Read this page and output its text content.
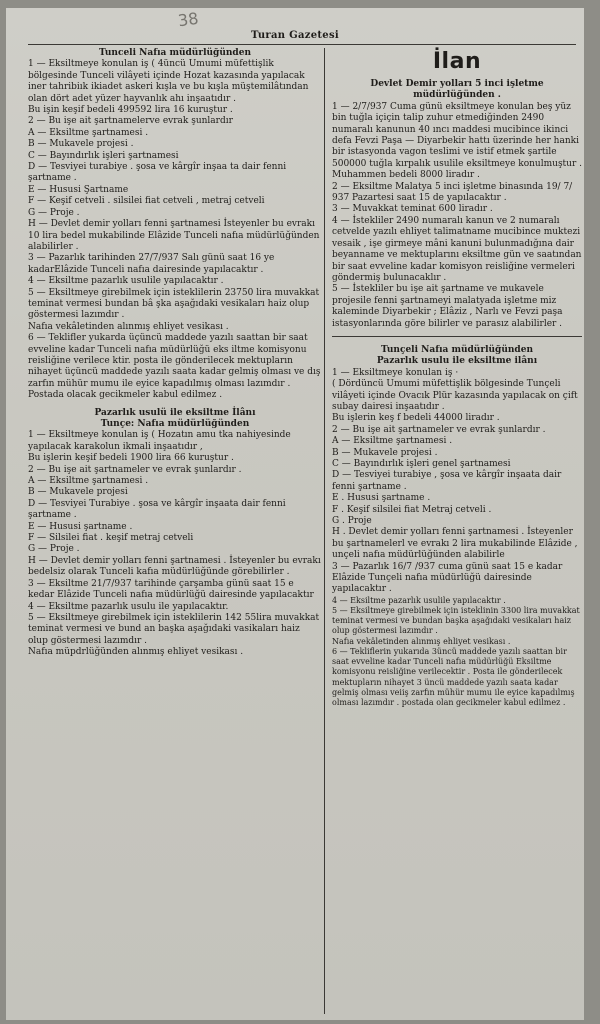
38
Turan Gazetesi

Tunceli Nafıa müdürlüğünden

1 — Eksiltmeye konulan iş ( 4üncü Umumi müfettişlik bölgesinde Tunceli vilâyeti içinde Hozat kazasında yapılacak iner tahribiık ikiadet askeri kışla ve bu kışla müştemilâtından olan dört adet yüzer hayvanlık ahı inşaatıdır .

Bu işin keşif bedeli 499592 lira 16 kuruştur .

2 — Bu işe ait şartnamelerve evrak şunlardır

A — Eksiltme şartnamesi .

B — Mukavele projesi .

C — Bayındırlık işleri şartnamesi

D — Tesviyei turabiye . şosa ve kârgîr inşaa ta dair fenni şartname .

E — Hususi Şartname

F — Keşif cetveli . silsilei fiat cetveli , metraj cetveli

G — Proje .

H — Devlet demir yolları fenni şartnamesi İsteyenler bu evrakı 10 lira bedel mukabilinde Elâzide Tunceli nafıa müdürlüğünden alabilirler .

3 — Pazarlık tarihinden 27/7/937 Salı günü saat 16 ye kadarElâzide Tunceli nafıa dairesinde yapılacaktır .

4 — Eksiltme pazarlık usulile yapılacaktır .

5 — Eksiltmeye girebilmek için isteklilerin 23750 lira muvakkat teminat vermesi bundan bâ şka aşağıdaki vesikaları haiz olup göstermesi lazımdır .

Nafıa vekâletinden alınmış ehliyet vesikası .

6 — Teklifler yukarda üçüncü maddede yazılı saattan bir saat evveline kadar Tunceli nafıa müdürlüğü eks iltme komisyonu reisliğine verilece ktir. posta ile gönderilecek mektupların nihayet üçüncü maddede yazılı saata kadar gelmiş olması ve dış zarfın mühür mumu ile eyice kapadılmış olması lazımdır . Postada olacak gecikmeler kabul edilmez .

Pazarlık usulü ile eksiltme İlânı

Tunçe: Nafıa müdürlüğünden

1 — Eksiltmeye konulan iş ( Hozatın amu tka nahiyesinde yapılacak karakolun ikmali inşaatıdır ,

Bu işlerin keşif bedeli 1900 lira 66 kuruştur .

2 — Bu işe ait şartnameler ve evrak şunlardır .

A — Eksiltme şartnamesi .

B — Mukavele projesi

D — Tesviyei Turabiye . şosa ve kârgîr inşaata dair fenni şartname .

E — Hususi şartname .

F — Silsilei fiat . keşif metraj cetveli

G — Proje .

H — Devlet demir yolları fenni şartnamesi . İsteyenler bu evrakı bedelsiz olarak Tunceli kafıa müdürlüğünde görebilirler .

3 — Eksiltme 21/7/937 tarihinde çarşamba günü saat 15 e kedar Elâzide Tunceli nafıa müdürlüğü dairesinde yapılacaktır

4 — Eksiltme pazarlık usulu ile yapılacaktır.

5 — Eksiltmeye girebilmek için isteklilerin 142 55lira muvakkat teminat vermesi ve bund an başka aşağıdaki vasikaları haiz olup göstermesi lazımdır .

Nafıa müpdrlüğünden alınmış ehliyet vesikası .

İlan

Devlet Demir yolları 5 inci işletme müdürlüğünden .

1 — 2/7/937 Cuma günü eksiltmeye konulan beş yüz bin tuğla içiçin talip zuhur etmediğinden 2490 numaralı kanunun 40 ıncı maddesi mucibince ikinci defa Fevzi Paşa — Diyarbekir hattı üzerinde her hanki bir istasyonda vagon teslimi ve istif etmek şartile 500000 tuğla kırpalık usulile eksiltmeye konulmuştur .

Muhammen bedeli 8000 liradır .

2 — Eksiltme Malatya 5 inci işletme binasında 19/ 7/ 937 Pazartesi saat 15 de yapılacaktır .

3 — Muvakkat teminat 600 liradır .

4 — İstekliler 2490 numaralı kanun ve 2 numaralı cetvelde yazılı ehliyet talimatname mucibince muktezi vesaik , işe girmeye mâni kanuni bulunmadığına dair beyanname ve mektuplarını eksiltme gün ve saatından bir saat evveline kadar komisyon reisliğine vermeleri göndermiş bulunacaklır .

5 — İstekliler bu işe ait şartname ve mukavele projesile fenni şartnameyi malatyada işletme miz kaleminde Diyarbekir ; Elâziz , Narlı ve Fevzi paşa istasyonlarında göre bilirler ve parasız alabilirler .

Tunçeli Nafıa müdürlüğünden

Pazarlık usulu ile eksiltme ilânı

1 — Eksiltmeye konulan iş ·

( Dördüncü Umumi müfettişlik bölgesinde Tunçeli vilâyeti içinde Ovacık Plür kazasında yapılacak on çift subay dairesi inşaatıdır .

Bu işlerin keş f bedeli 44000 liradır .

2 — Bu işe ait şartnameler ve evrak şunlardır .

A — Eksiltme şartnamesi .

B — Mukavele projesi .

C — Bayındırlık işleri genel şartnamesi

D — Tesviyei turabiye , şosa ve kârgîr inşaata dair fenni şartname .

E . Hususi şartname .

F . Keşif silsilei fiat Metraj cetveli .

G . Proje

H . Devlet demir yolları fenni şartnamesi . İsteyenler bu şartnamelerl ve evrakı 2 lira mukabilinde Elâzide , unçeli nafıa müdürlüğünden alabilirle

3 — Pazarlık 16/7 /937 cuma günü saat 15 e kadar Elâzide Tunçeli nafıa müdürlüğü dairesinde yapılacaktır .

4 — Eksiltme pazarlık usulile yapılacaktır .

5 — Eksiltmeye girebilmek için isteklinin 3300 lira muvakkat teminat vermesi ve bundan başka aşağıdaki vesikaları haiz olup göstermesi lazımdır .

Nafıa vekâletinden alınmış ehliyet vesikası .

6 — Tekliflerin yukarıda 3üncü maddede yazılı saattan bir saat evveline kadar Tunceli nafıa müdürlüğü Eksiltme komisyonu reisliğine verilecektir . Posta ile gönderilecek mektupların nihayet 3 üncü maddede yazılı saata kadar gelmiş olması veiiş zarfın mühür mumu ile eyice kapadılmış olması lazımdır . postada olan gecikmeler kabul edilmez .
